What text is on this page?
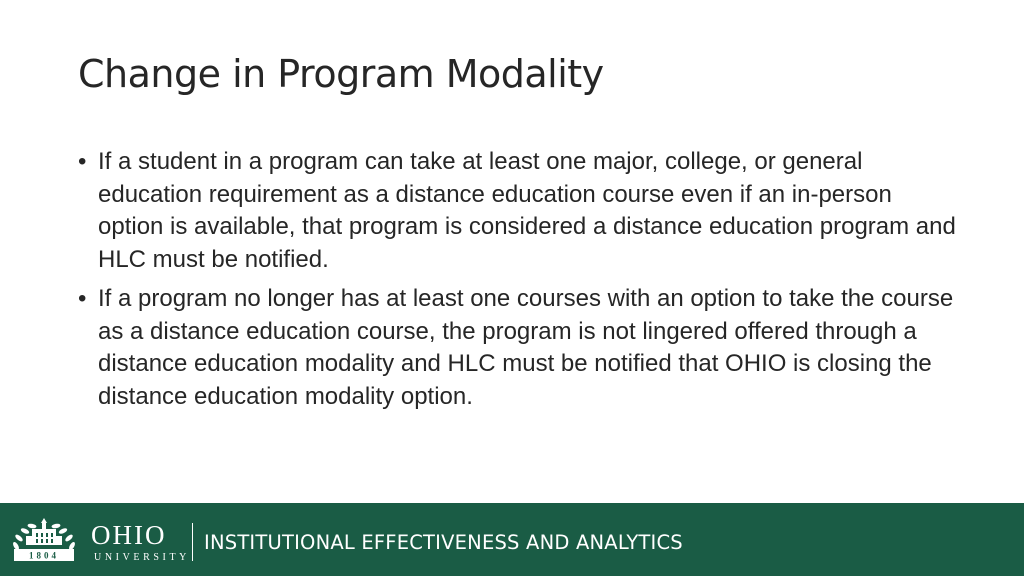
Change in Program Modality
• If a student in a program can take at least one major, college, or general education requirement as a distance education course even if an in-person option is available, that program is considered a distance education program and HLC must be notified.
• If a program no longer has at least one courses with an option to take the course as a distance education course, the program is not lingered offered through a distance education modality and HLC must be notified that OHIO is closing the distance education modality option.
1804
OHIO
UNIVERSITY
INSTITUTIONAL EFFECTIVENESS AND ANALYTICS
